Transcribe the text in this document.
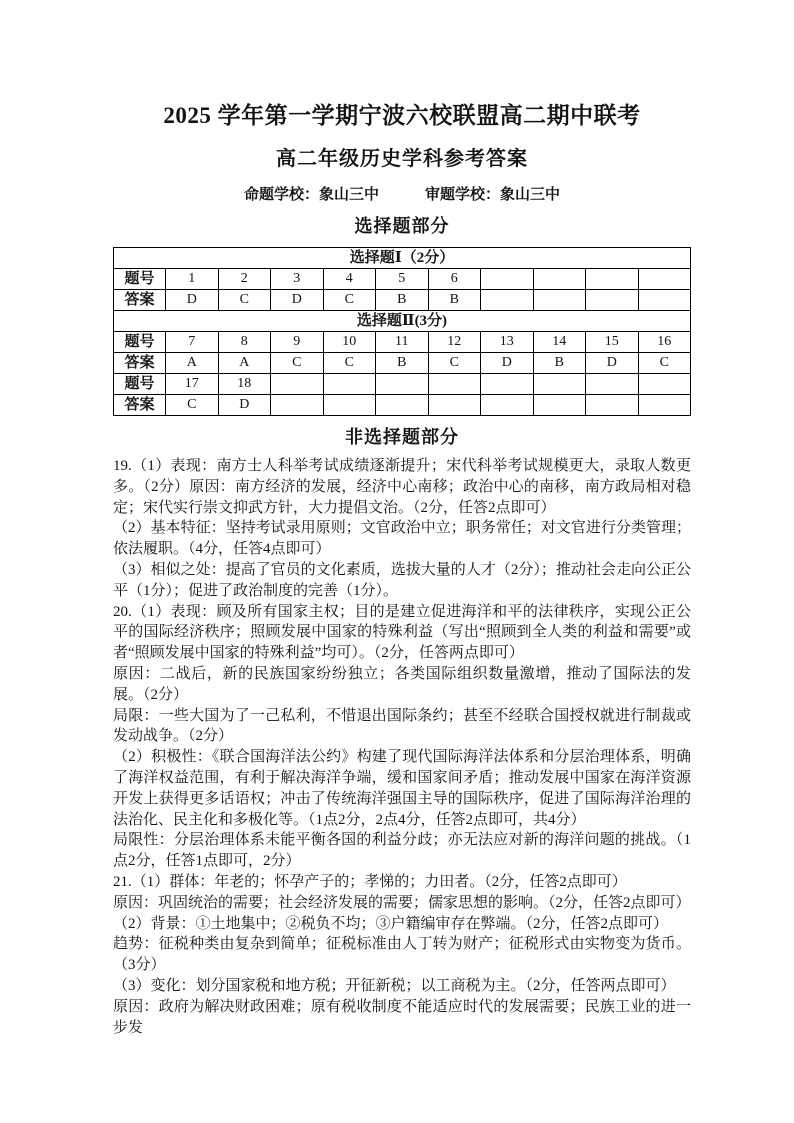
2025 学年第一学期宁波六校联盟高二期中联考
高二年级历史学科参考答案
命题学校：象山三中	审题学校：象山三中
选择题部分
选择题Ⅰ（2分）										
题号	1	2	3	4	5	6				
答案	D	C	D	C	B	B				
选择题Ⅱ(3分)										
题号	7	8	9	10	11	12	13	14	15	16
答案	A	A	C	C	B	C	D	B	D	C
题号	17	18								
答案	C	D								
非选择题部分

19.（1）表现：南方士人科举考试成绩逐渐提升；宋代科举考试规模更大，录取人数更多。（2分）原因：南方经济的发展，经济中心南移；政治中心的南移，南方政局相对稳定；宋代实行崇文抑武方针，大力提倡文治。（2分，任答2点即可）

（2）基本特征：坚持考试录用原则；文官政治中立；职务常任；对文官进行分类管理；依法履职。（4分，任答4点即可）

（3）相似之处：提高了官员的文化素质，选拔大量的人才（2分）；推动社会走向公正公平（1分）；促进了政治制度的完善（1分）。

20.（1）表现：顾及所有国家主权；目的是建立促进海洋和平的法律秩序，实现公正公平的国际经济秩序；照顾发展中国家的特殊利益（写出“照顾到全人类的利益和需要”或者“照顾发展中国家的特殊利益”均可）。（2分，任答两点即可）

原因：二战后，新的民族国家纷纷独立；各类国际组织数量激增，推动了国际法的发展。（2分）

局限：一些大国为了一己私利，不惜退出国际条约；甚至不经联合国授权就进行制裁或发动战争。（2分）

（2）积极性：《联合国海洋法公约》构建了现代国际海洋法体系和分层治理体系，明确了海洋权益范围，有利于解决海洋争端，缓和国家间矛盾；推动发展中国家在海洋资源开发上获得更多话语权；冲击了传统海洋强国主导的国际秩序，促进了国际海洋治理的法治化、民主化和多极化等。（1点2分，2点4分，任答2点即可，共4分）

局限性：分层治理体系未能平衡各国的利益分歧；亦无法应对新的海洋问题的挑战。（1点2分，任答1点即可，2分）

21.（1）群体：年老的；怀孕产子的；孝悌的；力田者。（2分，任答2点即可）

原因：巩固统治的需要；社会经济发展的需要；儒家思想的影响。（2分，任答2点即可）

（2）背景：①土地集中；②税负不均；③户籍编审存在弊端。（2分，任答2点即可）

趋势：征税种类由复杂到简单；征税标准由人丁转为财产；征税形式由实物变为货币。（3分）

（3）变化：划分国家税和地方税；开征新税；以工商税为主。（2分，任答两点即可）

原因：政府为解决财政困难；原有税收制度不能适应时代的发展需要；民族工业的进一步发
